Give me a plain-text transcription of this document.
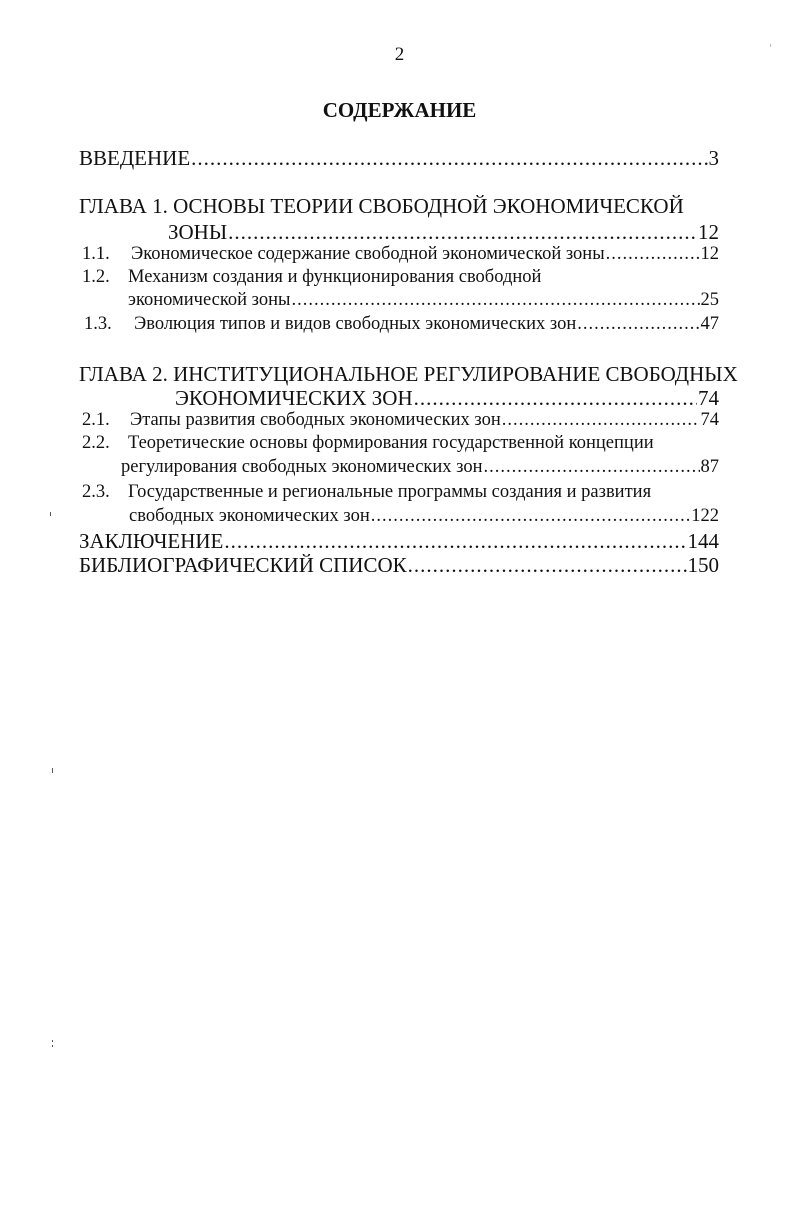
2
СОДЕРЖАНИЕ
ВВЕДЕНИЕ .....	3
ГЛАВА 1. ОСНОВЫ ТЕОРИИ СВОБОДНОЙ ЭКОНОМИЧЕСКОЙ
ЗОНЫ .....	12
1.1.	Экономическое содержание свободной экономической зоны .....	12
1.2. Механизм создания и функционирования свободной
экономической зоны .....	25
1.3.	Эволюция типов и видов свободных экономических зон .....	47
ГЛАВА 2. ИНСТИТУЦИОНАЛЬНОЕ РЕГУЛИРОВАНИЕ СВОБОДНЫХ
ЭКОНОМИЧЕСКИХ ЗОН .....	74
2.1.	Этапы развития свободных экономических зон .....	74
2.2. Теоретические основы формирования государственной концепции
регулирования свободных экономических зон .....	87
2.3. Государственные и региональные программы создания и развития
свободных экономических зон .....	122
ЗАКЛЮЧЕНИЕ .....	144
БИБЛИОГРАФИЧЕСКИЙ СПИСОК .....	150
